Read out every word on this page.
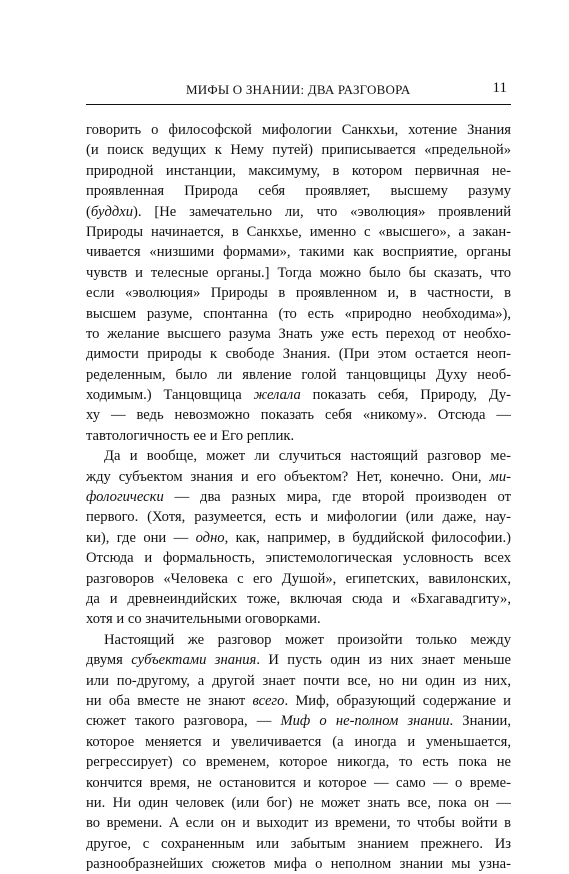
МИФЫ О ЗНАНИИ: ДВА РАЗГОВОРА	11
говорить о философской мифологии Санкхьи, хотение Знания
(и поиск ведущих к Нему путей) приписывается «предельной»
природной инстанции, максимуму, в котором первичная не-
проявленная Природа себя проявляет, высшему разуму
(буддхи). [Не замечательно ли, что «эволюция» проявлений
Природы начинается, в Санкхье, именно с «высшего», а закан-
чивается «низшими формами», такими как восприятие, органы
чувств и телесные органы.] Тогда можно было бы сказать, что
если «эволюция» Природы в проявленном и, в частности, в
высшем разуме, спонтанна (то есть «природно необходима»),
то желание высшего разума Знать уже есть переход от необхо-
димости природы к свободе Знания. (При этом остается неоп-
ределенным, было ли явление голой танцовщицы Духу необ-
ходимым.) Танцовщица желала показать себя, Природу, Ду-
ху — ведь невозможно показать себя «никому». Отсюда —
тавтологичность ее и Его реплик.
Да и вообще, может ли случиться настоящий разговор ме-
жду субъектом знания и его объектом? Нет, конечно. Они, ми-
фологически — два разных мира, где второй производен от
первого. (Хотя, разумеется, есть и мифологии (или даже, нау-
ки), где они — одно, как, например, в буддийской философии.)
Отсюда и формальность, эпистемологическая условность всех
разговоров «Человека с его Душой», египетских, вавилонских,
да и древнеиндийских тоже, включая сюда и «Бхагавадгиту»,
хотя и со значительными оговорками.
Настоящий же разговор может произойти только между
двумя субъектами знания. И пусть один из них знает меньше
или по-другому, а другой знает почти все, но ни один из них,
ни оба вместе не знают всего. Миф, образующий содержание и
сюжет такого разговора, — Миф о не-полном знании. Знании,
которое меняется и увеличивается (а иногда и уменьшается,
регрессирует) со временем, которое никогда, то есть пока не
кончится время, не остановится и которое — само — о време-
ни. Ни один человек (или бог) не может знать все, пока он —
во времени. А если он и выходит из времени, то чтобы войти в
другое, с сохраненным или забытым знанием прежнего. Из
разнообразнейших сюжетов мифа о неполном знании мы узна-
